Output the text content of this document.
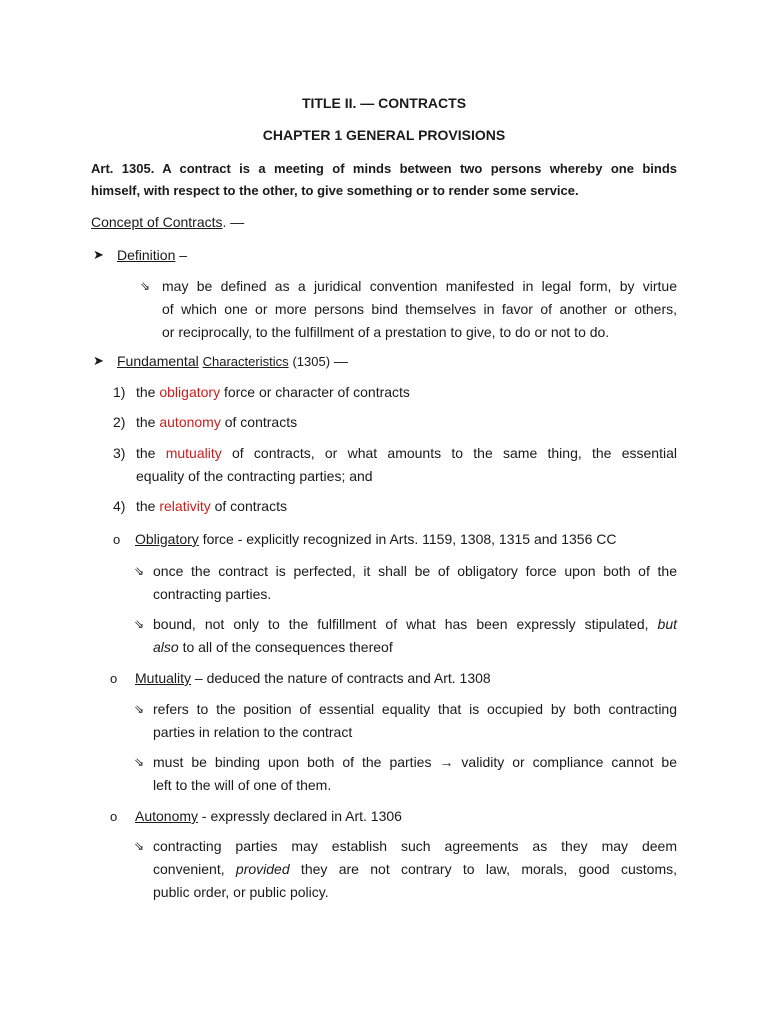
TITLE II. — CONTRACTS
CHAPTER 1 GENERAL PROVISIONS
Art. 1305. A contract is a meeting of minds between two persons whereby one binds
himself, with respect to the other, to give something or to render some service.
Concept of Contracts. —
➤ Definition –
⇘ may be defined as a juridical convention manifested in legal form, by virtue
of which one or more persons bind themselves in favor of another or others,
or reciprocally, to the fulfillment of a prestation to give, to do or not to do.
➤ Fundamental Characteristics (1305) —
1) the obligatory force or character of contracts
2) the autonomy of contracts
3) the mutuality of contracts, or what amounts to the same thing, the essential
equality of the contracting parties; and
4) the relativity of contracts
o Obligatory force - explicitly recognized in Arts. 1159, 1308, 1315 and 1356 CC
⇘ once the contract is perfected, it shall be of obligatory force upon both of the
contracting parties.
⇘ bound, not only to the fulfillment of what has been expressly stipulated, but
also to all of the consequences thereof
o Mutuality – deduced the nature of contracts and Art. 1308
⇘ refers to the position of essential equality that is occupied by both contracting
parties in relation to the contract
⇘ must be binding upon both of the parties → validity or compliance cannot be
left to the will of one of them.
o Autonomy - expressly declared in Art. 1306
⇘ contracting parties may establish such agreements as they may deem
convenient, provided they are not contrary to law, morals, good customs,
public order, or public policy.
